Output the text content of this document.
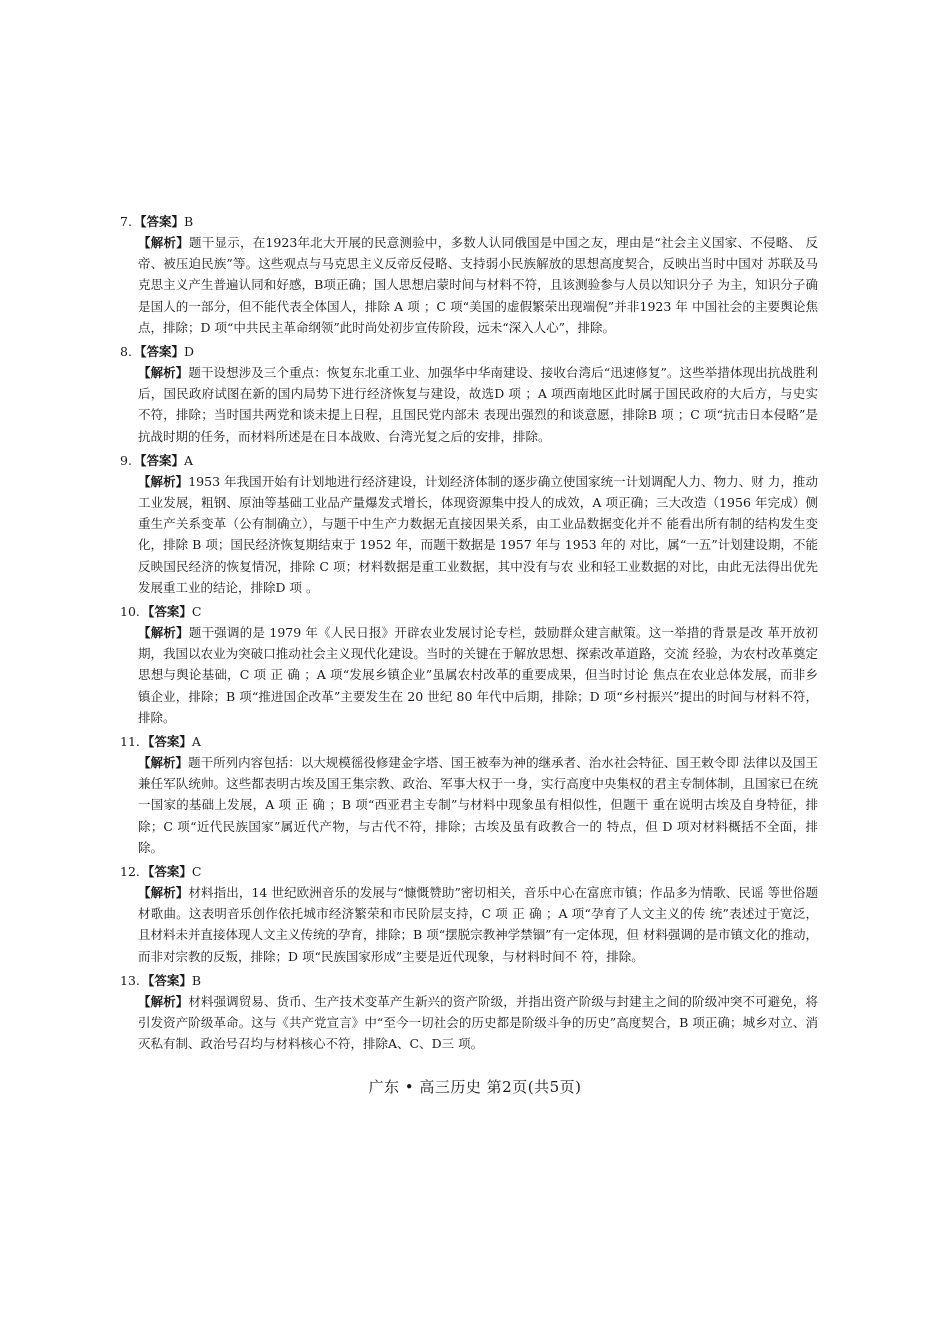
7. 【答案】B
【解析】题干显示，在1923年北大开展的民意测验中，多数人认同俄国是中国之友，理由是“社会主义国家、不侵略、 反帝、被压迫民族”等。这些观点与马克思主义反帝反侵略、支持弱小民族解放的思想高度契合，反映出当时中国对 苏联及马克思主义产生普遍认同和好感，B项正确；国人思想启蒙时间与材料不符，且该测验参与人员以知识分子 为主，知识分子确是国人的一部分，但不能代表全体国人，排除 A 项 ；C 项“美国的虚假繁荣出现端倪”并非1923 年 中国社会的主要舆论焦点，排除；D 项“中共民主革命纲领”此时尚处初步宣传阶段，远未“深入人心”，排除。
8. 【答案】D
【解析】题干设想涉及三个重点：恢复东北重工业、加强华中华南建设、接收台湾后“迅速修复”。这些举措体现出抗战胜利后，国民政府试图在新的国内局势下进行经济恢复与建设，故选D 项 ；A 项西南地区此时属于国民政府的大后方，与史实不符，排除；当时国共两党和谈未提上日程，且国民党内部未 表现出强烈的和谈意愿，排除B 项 ；C 项“抗击日本侵略”是抗战时期的任务，而材料所述是在日本战败、台湾光复之后的安排，排除。
9. 【答案】A
【解析】1953 年我国开始有计划地进行经济建设，计划经济体制的逐步确立使国家统一计划调配人力、物力、财 力，推动工业发展，粗钢、原油等基础工业品产量爆发式增长，体现资源集中投人的成效，A 项正确；三大改造（1956 年完成）侧重生产关系变革（公有制确立），与题干中生产力数据无直接因果关系，由工业品数据变化并不 能看出所有制的结构发生变化，排除 B 项；国民经济恢复期结束于 1952 年，而题干数据是 1957 年与 1953 年的 对比，属“一五”计划建设期，不能反映国民经济的恢复情况，排除 C 项；材料数据是重工业数据，其中没有与农 业和轻工业数据的对比，由此无法得出优先发展重工业的结论，排除D 项 。
10. 【答案】C
【解析】题干强调的是 1979 年《人民日报》开辟农业发展讨论专栏，鼓励群众建言献策。这一举措的背景是改 革开放初期，我国以农业为突破口推动社会主义现代化建设。当时的关键在于解放思想、探索改革道路，交流 经验，为农村改革奠定思想与舆论基础，C 项 正 确 ；A 项“发展乡镇企业”虽属农村改革的重要成果，但当时讨论 焦点在农业总体发展，而非乡镇企业，排除；B 项“推进国企改革”主要发生在 20 世纪 80 年代中后期，排除；D 项“乡村振兴”提出的时间与材料不符，排除。
11. 【答案】A
【解析】题干所列内容包括：以大规模徭役修建金字塔、国王被奉为神的继承者、治水社会特征、国王敕令即 法律以及国王兼任军队统帅。这些都表明古埃及国王集宗教、政治、军事大权于一身，实行高度中央集权的君主专制体制，且国家已在统一国家的基础上发展，A 项 正 确 ；B 项“西亚君主专制”与材料中现象虽有相似性，但题干 重在说明古埃及自身特征，排除；C 项“近代民族国家”属近代产物，与古代不符，排除；古埃及虽有政教合一的 特点，但 D 项对材料概括不全面，排除。
12. 【答案】C
【解析】材料指出，14 世纪欧洲音乐的发展与“慷慨赞助”密切相关，音乐中心在富庶市镇；作品多为情歌、民谣 等世俗题材歌曲。这表明音乐创作依托城市经济繁荣和市民阶层支持，C 项 正 确 ；A 项“孕育了人文主义的传 统”表述过于宽泛，且材料未并直接体现人文主义传统的孕育，排除；B 项“摆脱宗教神学禁锢”有一定体现，但 材料强调的是市镇文化的推动，而非对宗教的反叛，排除；D 项“民族国家形成”主要是近代现象，与材料时间不 符，排除。
13. 【答案】B
【解析】材料强调贸易、货币、生产技术变革产生新兴的资产阶级，并指出资产阶级与封建主之间的阶级冲突不可避免，将引发资产阶级革命。这与《共产党宣言》中“至今一切社会的历史都是阶级斗争的历史”高度契合，B 项正确；城乡对立、消灭私有制、政治号召均与材料核心不符，排除A、C、D三 项。
广东 • 高三历史 第2页(共5页)
